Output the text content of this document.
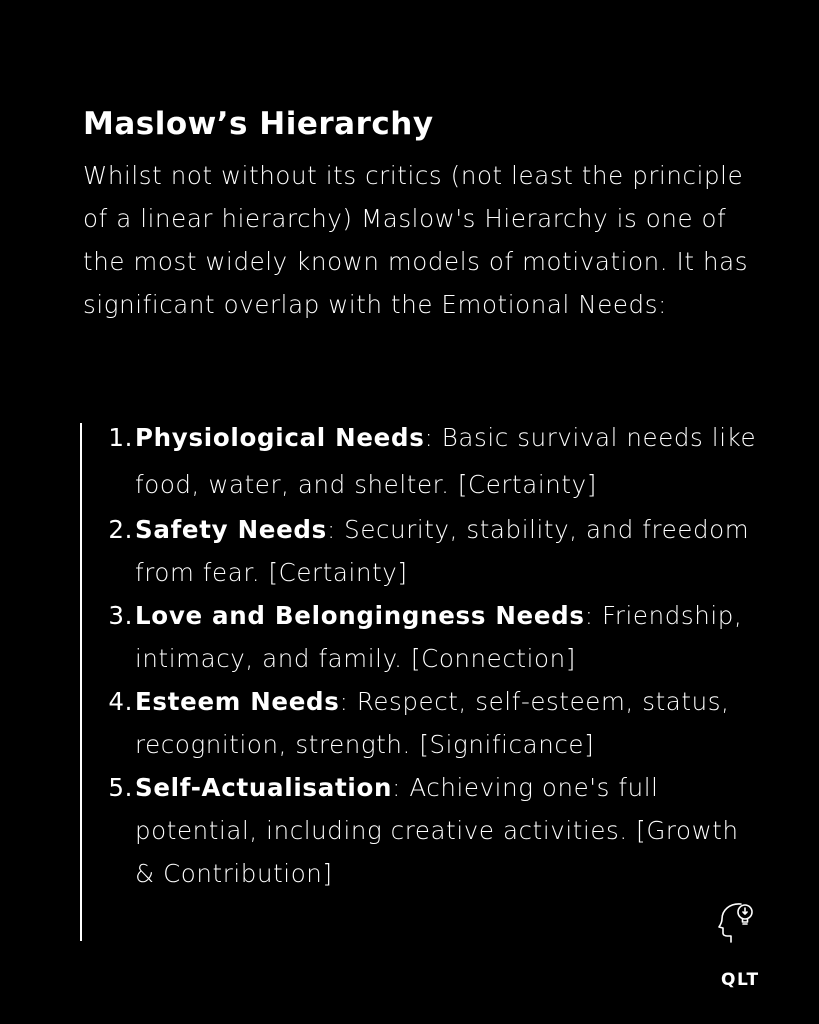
Maslow’s Hierarchy

Whilst not without its critics (not least the principle of a linear hierarchy) Maslow's Hierarchy is one of the most widely known models of motivation. It has significant overlap with the Emotional Needs:

1. Physiological Needs: Basic survival needs like food, water, and shelter. [Certainty]
2. Safety Needs: Security, stability, and freedom from fear. [Certainty]
3. Love and Belongingness Needs: Friendship, intimacy, and family. [Connection]
4. Esteem Needs: Respect, self-esteem, status, recognition, strength. [Significance]
5. Self-Actualisation: Achieving one's full potential, including creative activities. [Growth & Contribution]
QLT
